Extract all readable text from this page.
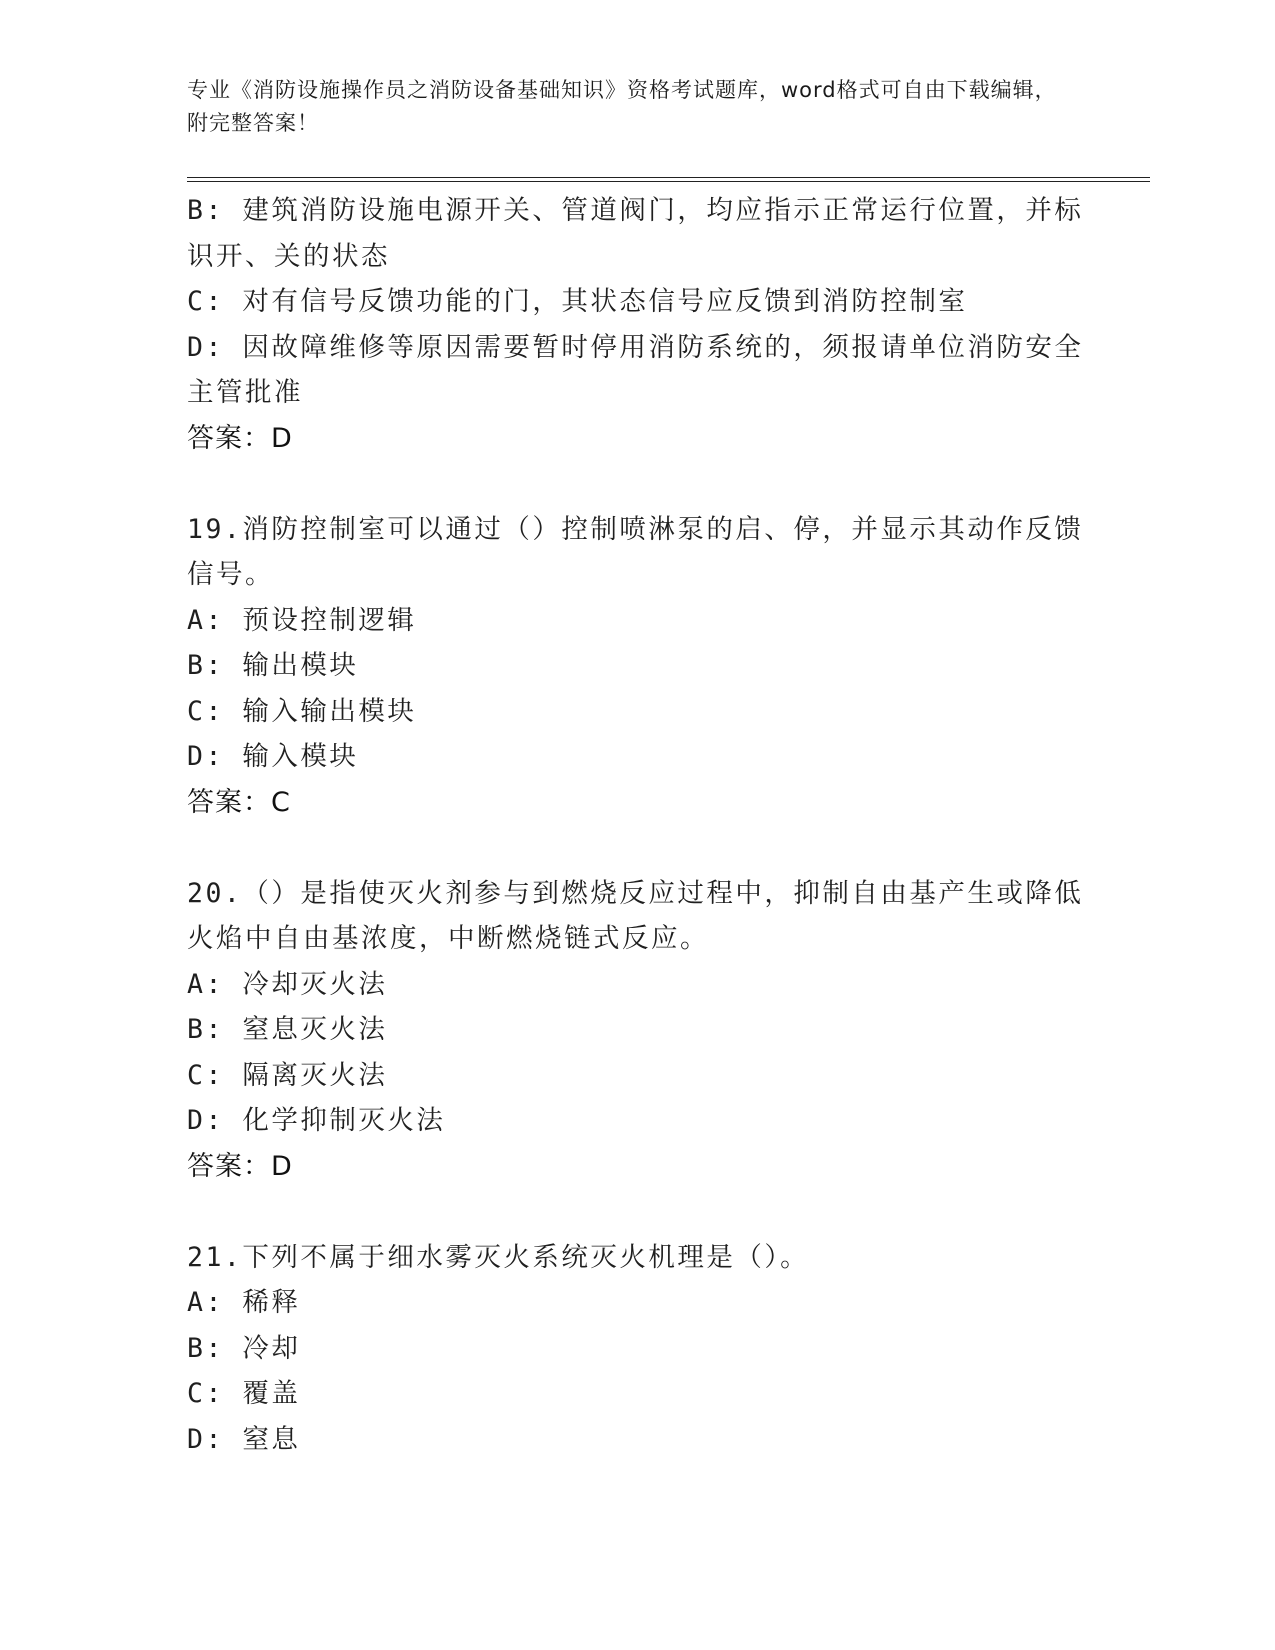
专业《消防设施操作员之消防设备基础知识》资格考试题库，word格式可自由下载编辑，附完整答案！

B: 建筑消防设施电源开关、管道阀门，均应指示正常运行位置，并标识开、关的状态

C: 对有信号反馈功能的门，其状态信号应反馈到消防控制室

D: 因故障维修等原因需要暂时停用消防系统的，须报请单位消防安全主管批准

答案：D

19.消防控制室可以通过（）控制喷淋泵的启、停，并显示其动作反馈信号。

A: 预设控制逻辑

B: 输出模块

C: 输入输出模块

D: 输入模块

答案：C

20.（）是指使灭火剂参与到燃烧反应过程中，抑制自由基产生或降低火焰中自由基浓度，中断燃烧链式反应。

A: 冷却灭火法

B: 窒息灭火法

C: 隔离灭火法

D: 化学抑制灭火法

答案：D

21.下列不属于细水雾灭火系统灭火机理是（）。

A: 稀释

B: 冷却

C: 覆盖

D: 窒息
